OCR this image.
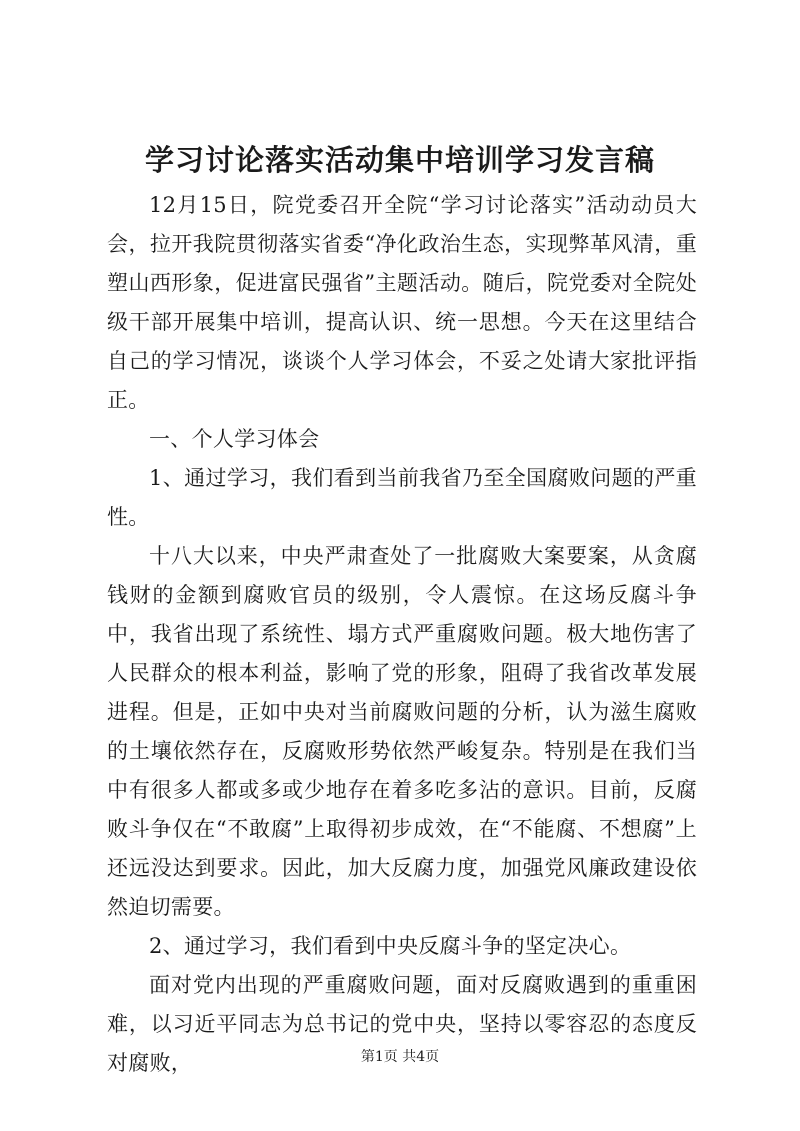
学习讨论落实活动集中培训学习发言稿

12月15日，院党委召开全院“学习讨论落实”活动动员大会，拉开我院贯彻落实省委“净化政治生态，实现弊革风清，重塑山西形象，促进富民强省”主题活动。随后，院党委对全院处级干部开展集中培训，提高认识、统一思想。今天在这里结合自己的学习情况，谈谈个人学习体会，不妥之处请大家批评指正。

一、个人学习体会

1、通过学习，我们看到当前我省乃至全国腐败问题的严重性。

十八大以来，中央严肃查处了一批腐败大案要案，从贪腐钱财的金额到腐败官员的级别，令人震惊。在这场反腐斗争中，我省出现了系统性、塌方式严重腐败问题。极大地伤害了人民群众的根本利益，影响了党的形象，阻碍了我省改革发展进程。但是，正如中央对当前腐败问题的分析，认为滋生腐败的土壤依然存在，反腐败形势依然严峻复杂。特别是在我们当中有很多人都或多或少地存在着多吃多沾的意识。目前，反腐败斗争仅在“不敢腐”上取得初步成效，在“不能腐、不想腐”上还远没达到要求。因此，加大反腐力度，加强党风廉政建设依然迫切需要。

2、通过学习，我们看到中央反腐斗争的坚定决心。

面对党内出现的严重腐败问题，面对反腐败遇到的重重困难，以习近平同志为总书记的党中央，坚持以零容忍的态度反对腐败，	第1页 共4页
